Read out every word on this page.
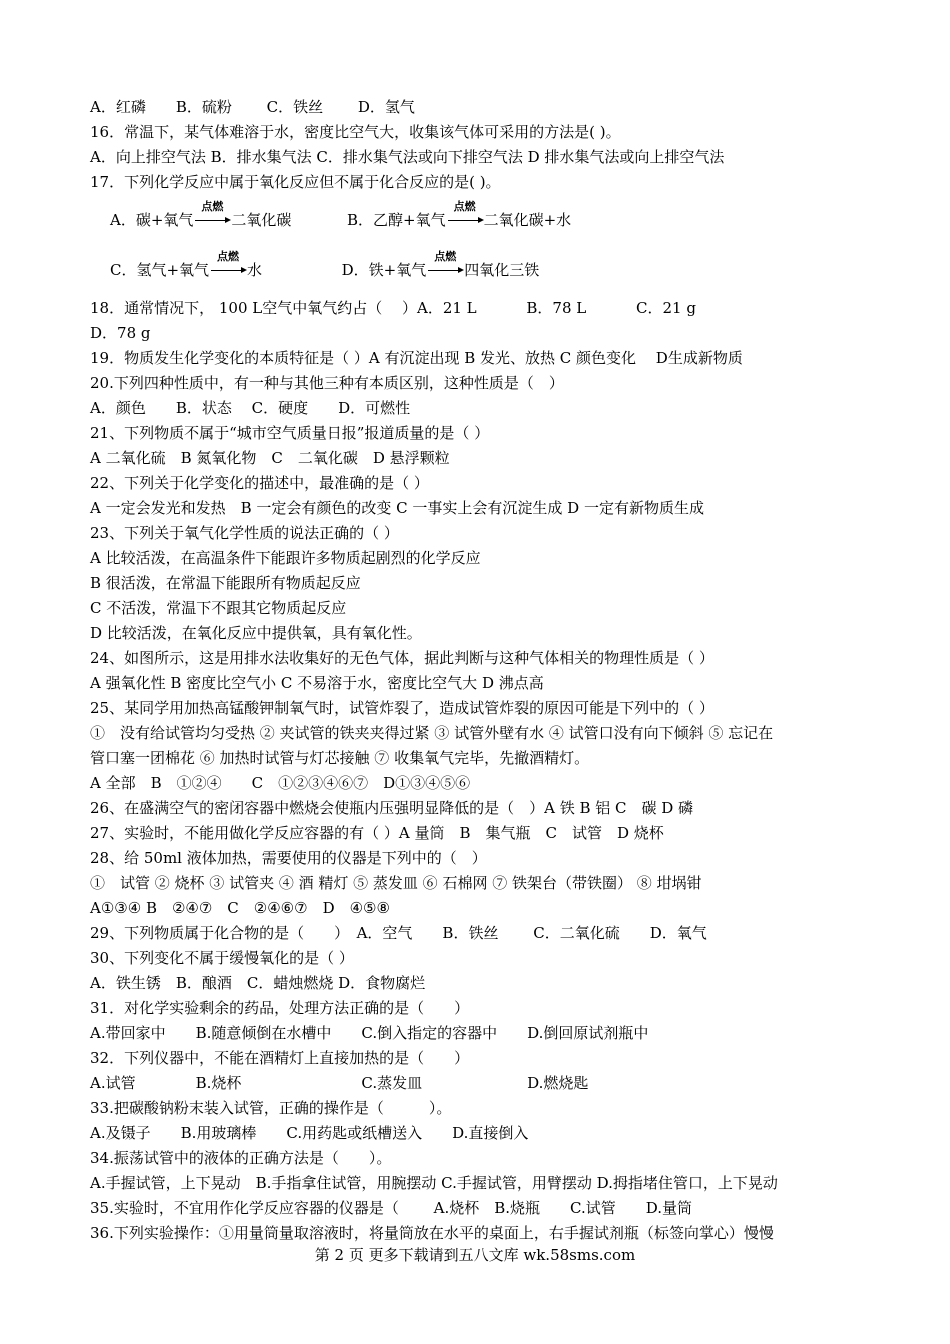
A．红磷　　B．硫粉　　 C．铁丝　　 D．氢气
16．常温下，某气体难溶于水，密度比空气大，收集该气体可采用的方法是( )。
A．向上排空气法 B．排水集气法 C．排水集气法或向下排空气法 D 排水集气法或向上排空气法
17．下列化学反应中属于氧化反应但不属于化合反应的是( )。
A．碳+氧气
点燃
二氧化碳	B．乙醇+氧气
点燃
二氧化碳+水
C．氢气+氧气
点燃
水	D．铁+氧气
点燃
四氧化三铁
18．通常情况下， 100 L空气中氧气约占（　 ）A．21 L　　　 B．78 L　　　 C．21 g
D．78 g
19．物质发生化学变化的本质特征是（ ）A 有沉淀出现 B 发光、放热 C 颜色变化　 D生成新物质
20.下列四种性质中，有一种与其他三种有本质区别，这种性质是（　）
A．颜色　　B．状态　 C．硬度　　D．可燃性
21、下列物质不属于“城市空气质量日报”报道质量的是（ ）
A 二氧化硫　B 氮氧化物　C　二氧化碳　D 悬浮颗粒
22、下列关于化学变化的描述中，最准确的是（ ）
A 一定会发光和发热　B 一定会有颜色的改变 C 一事实上会有沉淀生成 D 一定有新物质生成
23、下列关于氧气化学性质的说法正确的（ ）
A 比较活泼，在高温条件下能跟许多物质起剧烈的化学反应
B 很活泼，在常温下能跟所有物质起反应
C 不活泼，常温下不跟其它物质起反应
D 比较活泼，在氧化反应中提供氧，具有氧化性。
24、如图所示，这是用排水法收集好的无色气体，据此判断与这种气体相关的物理性质是（ ）
A 强氧化性 B 密度比空气小 C 不易溶于水，密度比空气大 D 沸点高
25、某同学用加热高锰酸钾制氧气时，试管炸裂了，造成试管炸裂的原因可能是下列中的（ ）
①　没有给试管均匀受热 ② 夹试管的铁夹夹得过紧 ③ 试管外壁有水 ④ 试管口没有向下倾斜 ⑤ 忘记在
管口塞一团棉花 ⑥ 加热时试管与灯芯接触 ⑦ 收集氧气完毕，先撤酒精灯。
A 全部　B　①②④　　C　①②③④⑥⑦　D①③④⑤⑥
26、在盛满空气的密闭容器中燃烧会使瓶内压强明显降低的是（　）A 铁 B 铝 C　碳 D 磷
27、实验时，不能用做化学反应容器的有（ ）A 量筒　B　集气瓶　C　试管　D 烧杯
28、给 50ml 液体加热，需要使用的仪器是下列中的（　）
①　试管 ② 烧杯 ③ 试管夹 ④ 酒 精灯 ⑤ 蒸发皿 ⑥ 石棉网 ⑦ 铁架台（带铁圈） ⑧ 坩埚钳
A①③④ B　②④⑦　C　②④⑥⑦　D　④⑤⑧
29、下列物质属于化合物的是（　　）　A．空气　　B．铁丝　　 C．二氧化硫　　D．氧气
30、下列变化不属于缓慢氧化的是（ ）
A．铁生锈　B．酿酒　C．蜡烛燃烧 D．食物腐烂
31．对化学实验剩余的药品，处理方法正确的是（　　）
A.带回家中　　B.随意倾倒在水槽中　　C.倒入指定的容器中　　D.倒回原试剂瓶中
32．下列仪器中，不能在酒精灯上直接加热的是（　　）
A.试管　　　　B.烧杯　　　　　　　　C.蒸发皿　　　　　　　D.燃烧匙
33.把碳酸钠粉末装入试管，正确的操作是（　　　）。
A.及镊子　　B.用玻璃棒　　C.用药匙或纸槽送入　　D.直接倒入
34.振荡试管中的液体的正确方法是（　　）。
A.手握试管，上下晃动　B.手指拿住试管，用腕摆动 C.手握试管，用臂摆动 D.拇指堵住管口，上下晃动
35.实验时，不宜用作化学反应容器的仪器是（　　 A.烧杯　B.烧瓶　　C.试管　　D.量筒
36.下列实验操作：①用量筒量取溶液时，将量筒放在水平的桌面上，右手握试剂瓶（标签向掌心）慢慢
第 2 页 更多下载请到五八文库 wk.58sms.com
